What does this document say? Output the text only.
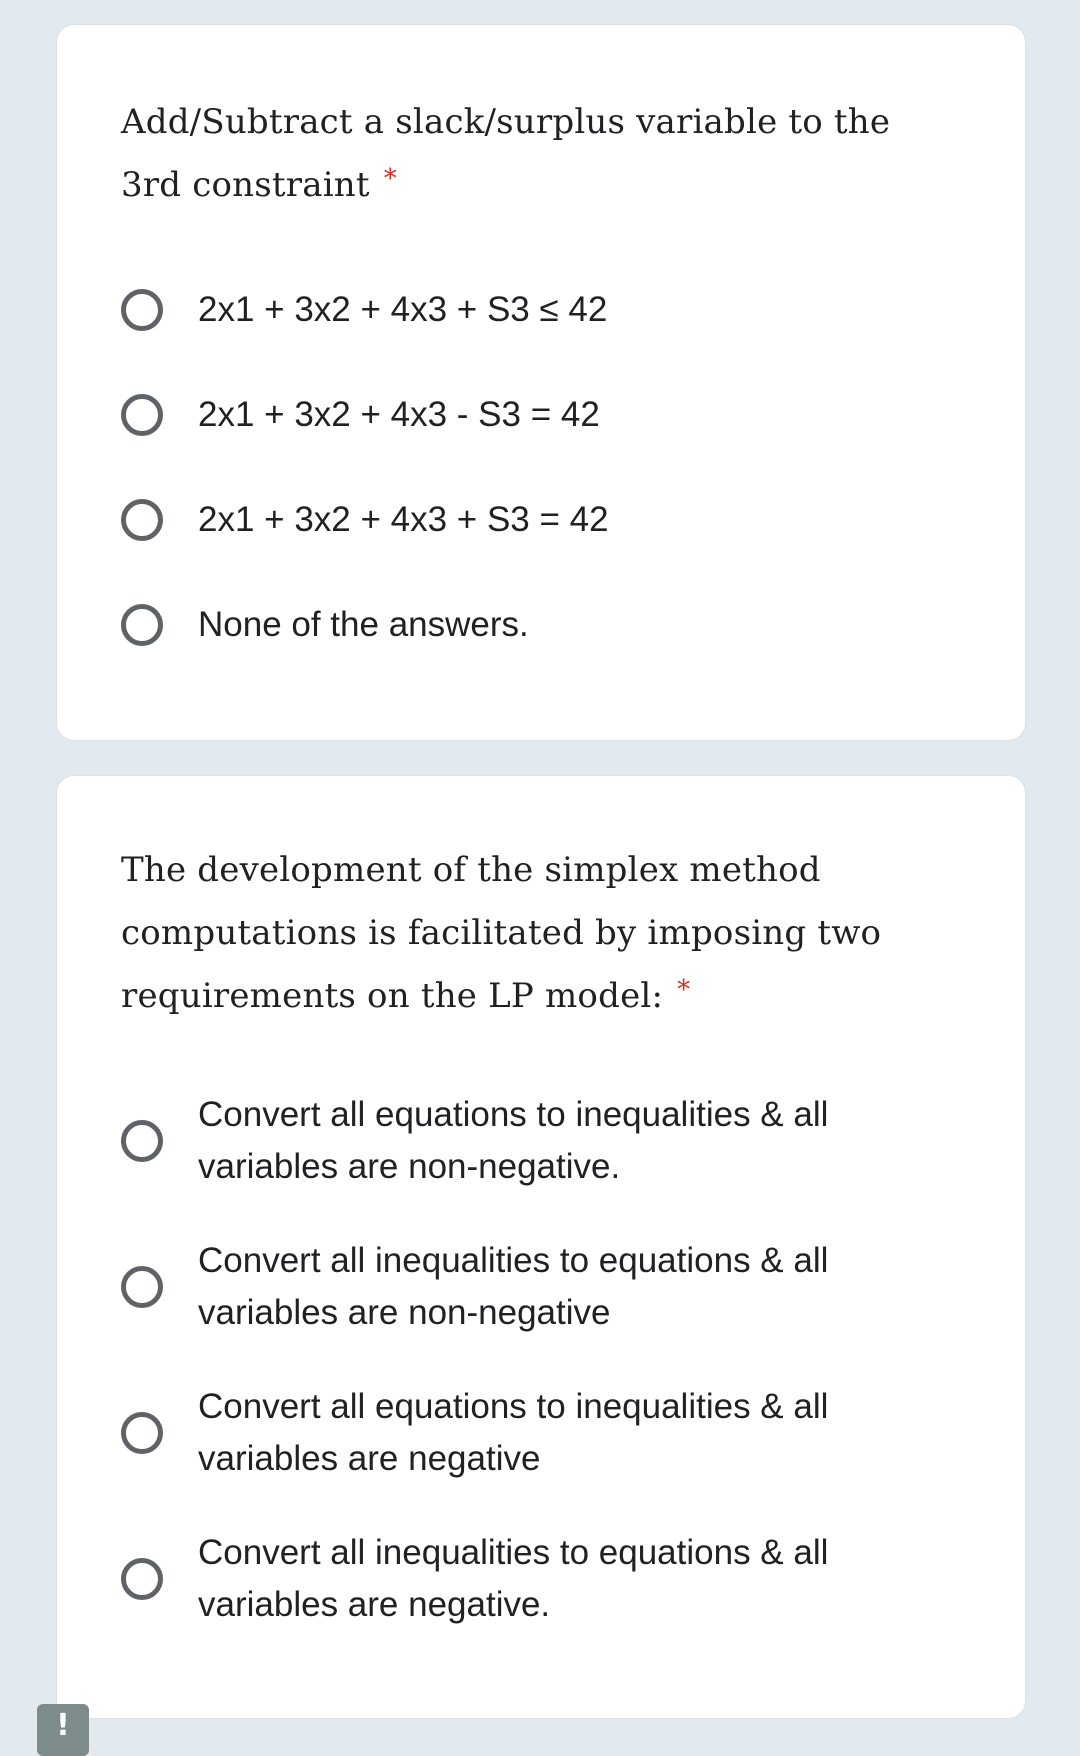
Add/Subtract a slack/surplus variable to the 3rd constraint *
2x1 + 3x2 + 4x3 + S3 ≤ 42
2x1 + 3x2 + 4x3 - S3 = 42
2x1 + 3x2 + 4x3 + S3 = 42
None of the answers.
The development of the simplex method computations is facilitated by imposing two requirements on the LP model: *
Convert all equations to inequalities & all variables are non-negative.
Convert all inequalities to equations & all variables are non-negative
Convert all equations to inequalities & all variables are negative
Convert all inequalities to equations & all variables are negative.
!
